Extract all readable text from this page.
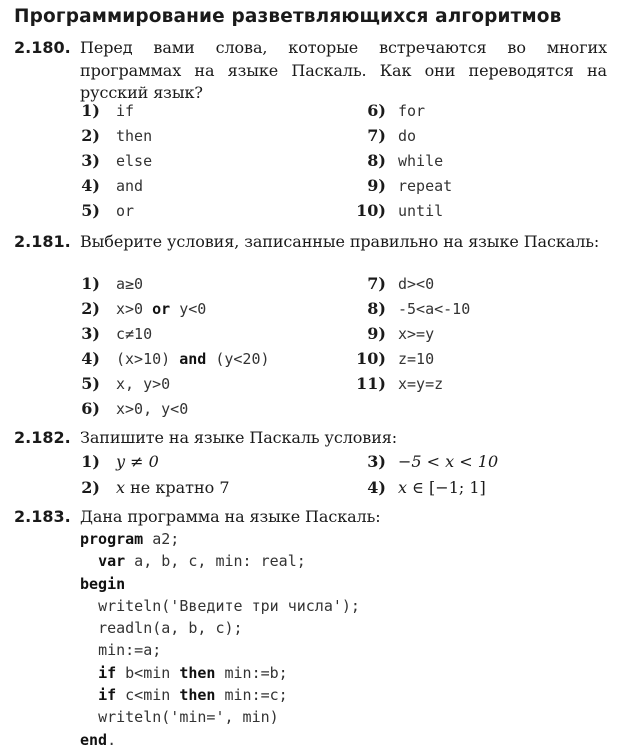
Программирование разветвляющихся алгоритмов
2.180. Перед вами слова, которые встречаются во многих программах на языке Паскаль. Как они переводятся на русский язык?
1) if
2) then
3) else
4) and
5) or
6) for
7) do
8) while
9) repeat
10) until
2.181. Выберите условия, записанные правильно на языке Паскаль:
1) a≥0
2) x>0 or y<0
3) c≠10
4) (x>10) and (y<20)
5) x, y>0
6) x>0, y<0
7) d><0
8) -5<a<-10
9) x>=y
10) z=10
11) x=y=z
2.182. Запишите на языке Паскаль условия:
1) y ≠ 0
2) x не кратно 7
3) −5 < x < 10
4) x ∈ [−1; 1]
2.183. Дана программа на языке Паскаль:
program a2;
var a, b, c, min: real;
begin
writeln('Введите три числа');
readln(a, b, c);
min:=a;
if b<min then min:=b;
if c<min then min:=c;
writeln('min=', min)
end.
